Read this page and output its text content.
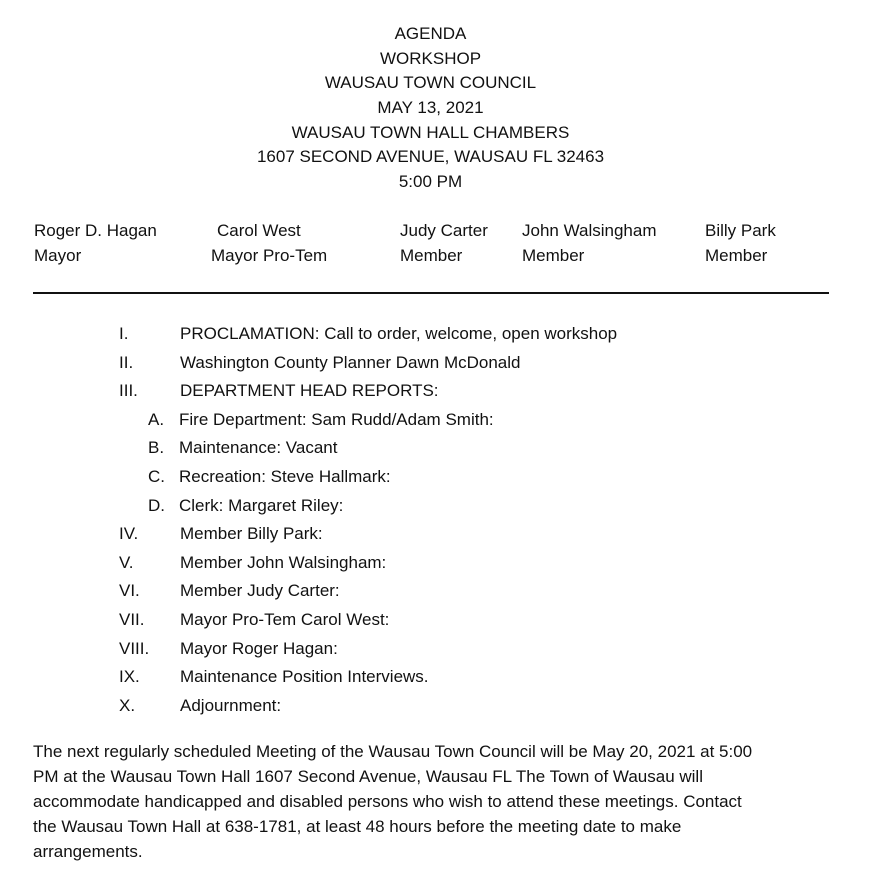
AGENDA
WORKSHOP
WAUSAU TOWN COUNCIL
MAY 13, 2021
WAUSAU TOWN HALL CHAMBERS
1607 SECOND AVENUE, WAUSAU FL 32463
5:00 PM
Roger D. Hagan
Mayor
Carol West
Mayor Pro-Tem
Judy Carter
Member
John Walsingham
Member
Billy Park
Member
I.	PROCLAMATION: Call to order, welcome, open workshop
II.	Washington County Planner Dawn McDonald
III. DEPARTMENT HEAD REPORTS:
A. Fire Department: Sam Rudd/Adam Smith:
B. Maintenance: Vacant
C. Recreation: Steve Hallmark:
D. Clerk: Margaret Riley:
IV. Member Billy Park:
V.	Member John Walsingham:
VI. Member Judy Carter:
VII. Mayor Pro-Tem Carol West:
VIII. Mayor Roger Hagan:
IX. Maintenance Position Interviews.
X.	Adjournment:
The next regularly scheduled Meeting of the Wausau Town Council will be May 20, 2021 at 5:00
PM at the Wausau Town Hall 1607 Second Avenue, Wausau FL The Town of Wausau will
accommodate handicapped and disabled persons who wish to attend these meetings. Contact
the Wausau Town Hall at 638-1781, at least 48 hours before the meeting date to make
arrangements.
